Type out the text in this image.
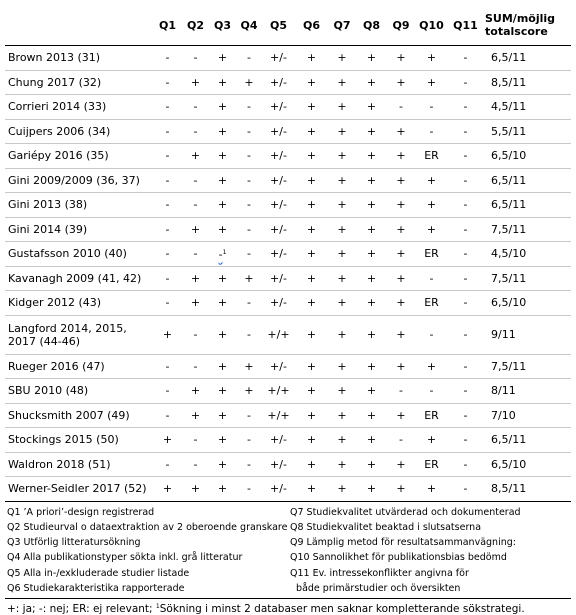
	Q1	Q2	Q3	Q4	Q5	Q6	Q7	Q8	Q9	Q10	Q11	SUM/möjlig
totalscore

Brown 2013 (31)	-	-	+	-	+/-	+	+	+	+	+	-	6,5/11
Chung 2017 (32)	-	+	+	+	+/-	+	+	+	+	+	-	8,5/11
Corrieri 2014 (33)	-	-	+	-	+/-	+	+	+	-	-	-	4,5/11
Cuijpers 2006 (34)	-	-	+	-	+/-	+	+	+	+	-	-	5,5/11
Gariépy 2016 (35)	-	+	+	-	+/-	+	+	+	+	ER	-	6,5/10
Gini 2009/2009 (36, 37)	-	-	+	-	+/-	+	+	+	+	+	-	6,5/11
Gini 2013 (38)	-	-	+	-	+/-	+	+	+	+	+	-	6,5/11
Gini 2014 (39)	-	+	+	-	+/-	+	+	+	+	+	-	7,5/11
Gustafsson 2010 (40)	-	-	-$^1$	-	+/-	+	+	+	+	ER	-	4,5/10
Kavanagh 2009 (41, 42)	-	+	+	+	+/-	+	+	+	+	-	-	7,5/11
Kidger 2012 (43)	-	+	+	-	+/-	+	+	+	+	ER	-	6,5/10
Langford 2014, 2015, 2017 (44-46)	+	-	+	-	+/+	+	+	+	+	-	-	9/11
Rueger 2016 (47)	-	-	+	+	+/-	+	+	+	+	+	-	7,5/11
SBU 2010 (48)	-	+	+	+	+/+	+	+	+	-	-	-	8/11
Shucksmith 2007 (49)	-	+	+	-	+/+	+	+	+	+	ER	-	7/10
Stockings 2015 (50)	+	-	+	-	+/-	+	+	+	-	+	-	6,5/11
Waldron 2018 (51)	-	-	+	-	+/-	+	+	+	+	ER	-	6,5/10
Werner-Seidler 2017 (52)	+	+	+	-	+/-	+	+	+	+	+	-	8,5/11
Q1 ’A priori’-design registrerad
Q2 Studieurval o dataextraktion av 2 oberoende granskare
Q3 Utförlig litteratursökning
Q4 Alla publikationstyper sökta inkl. grå litteratur
Q5 Alla in-/exkluderade studier listade
Q6 Studiekarakteristika rapporterade
Q7 Studiekvalitet utvärderad och dokumenterad
Q8 Studiekvalitet beaktad i slutsatserna
Q9 Lämplig metod för resultatsammanvägning:
Q10 Sannolikhet för publikationsbias bedömd
Q11 Ev. intressekonflikter angivna för
både primärstudier och översikten
+: ja; -: nej; ER: ej relevant; $^1$Sökning i minst 2 databaser men saknar kompletterande sökstrategi.
